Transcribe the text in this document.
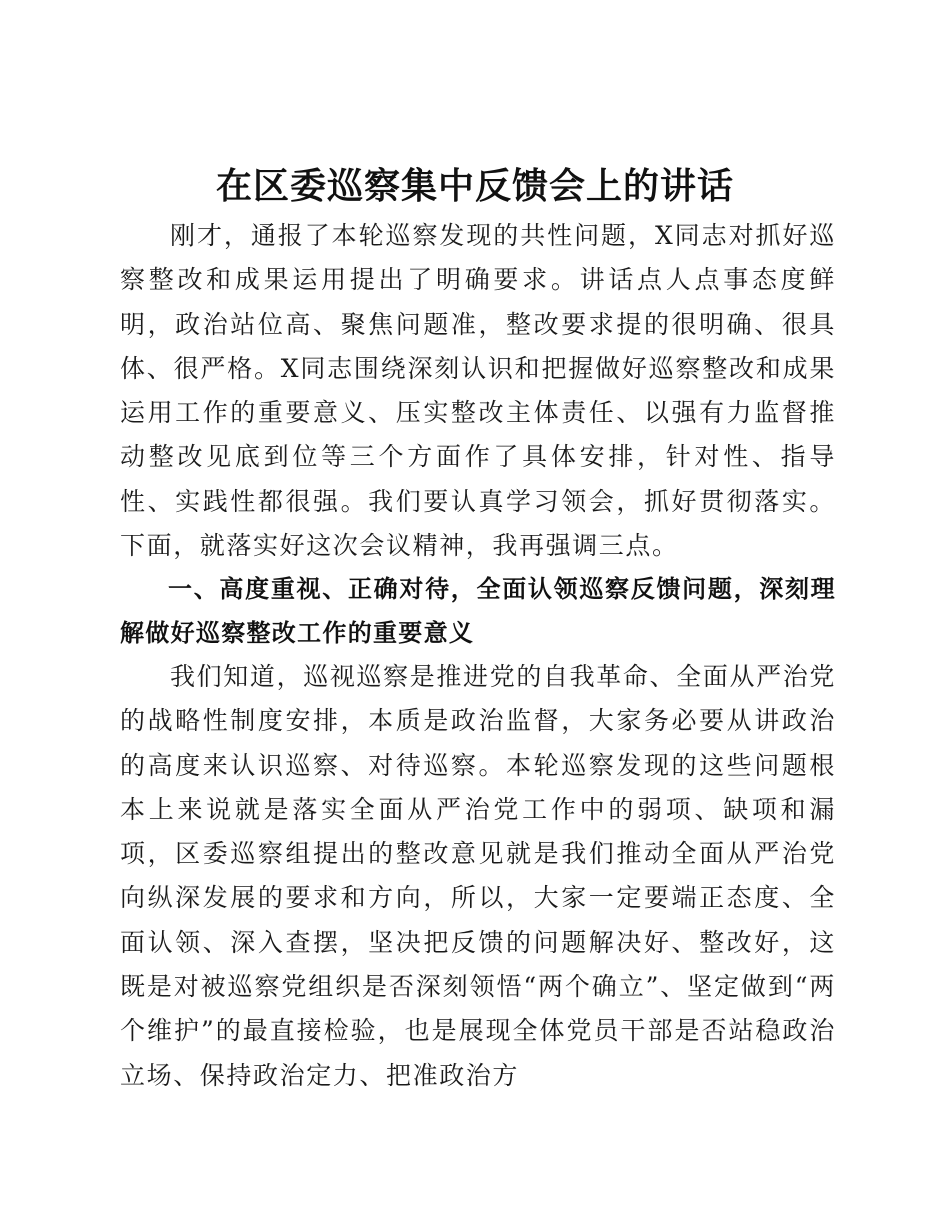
在区委巡察集中反馈会上的讲话

刚才，通报了本轮巡察发现的共性问题，X同志对抓好巡察整改和成果运用提出了明确要求。讲话点人点事态度鲜明，政治站位高、聚焦问题准，整改要求提的很明确、很具体、很严格。X同志围绕深刻认识和把握做好巡察整改和成果运用工作的重要意义、压实整改主体责任、以强有力监督推动整改见底到位等三个方面作了具体安排，针对性、指导性、实践性都很强。我们要认真学习领会，抓好贯彻落实。下面，就落实好这次会议精神，我再强调三点。

一、高度重视、正确对待，全面认领巡察反馈问题，深刻理解做好巡察整改工作的重要意义

我们知道，巡视巡察是推进党的自我革命、全面从严治党的战略性制度安排，本质是政治监督，大家务必要从讲政治的高度来认识巡察、对待巡察。本轮巡察发现的这些问题根本上来说就是落实全面从严治党工作中的弱项、缺项和漏项，区委巡察组提出的整改意见就是我们推动全面从严治党向纵深发展的要求和方向，所以，大家一定要端正态度、全面认领、深入查摆，坚决把反馈的问题解决好、整改好，这既是对被巡察党组织是否深刻领悟“两个确立”、坚定做到“两个维护”的最直接检验，也是展现全体党员干部是否站稳政治立场、保持政治定力、把准政治方
